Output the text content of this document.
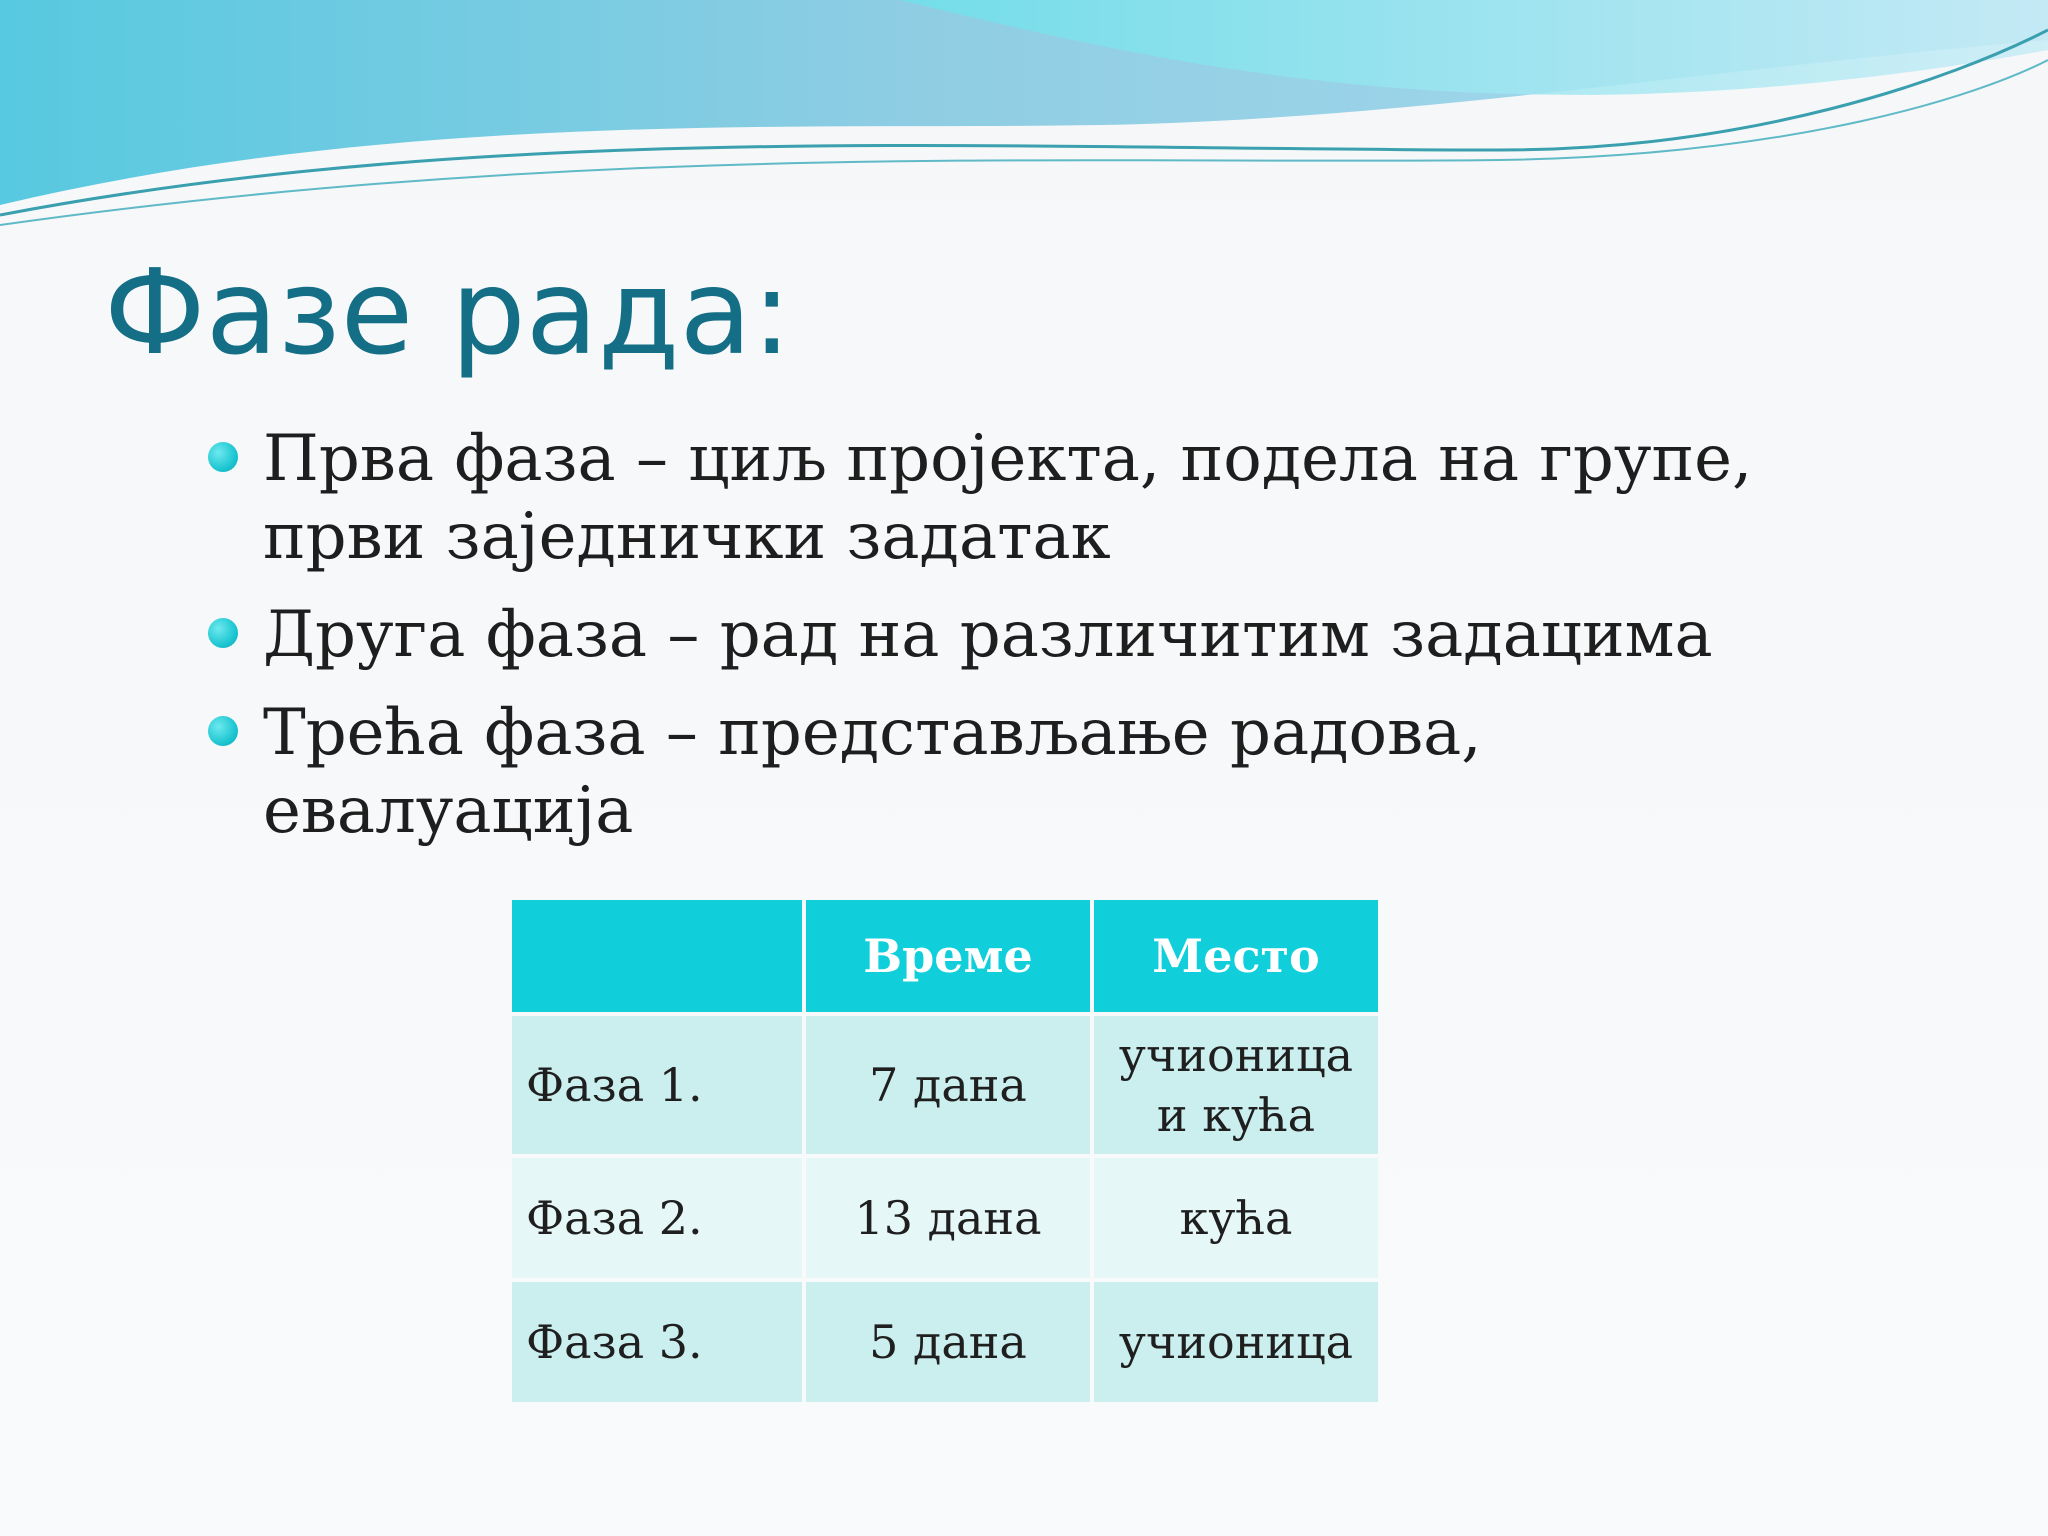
Фазе рада:
Прва фаза – циљ пројекта, подела на групе, први заједнички задатак
Друга фаза – рад на различитим задацима
Трећа фаза – представљање радова, евалуација
	Време	Место
Фаза 1.	7 дана	учионица и кућа
Фаза 2.	13 дана	кућа
Фаза 3.	5 дана	учионица
